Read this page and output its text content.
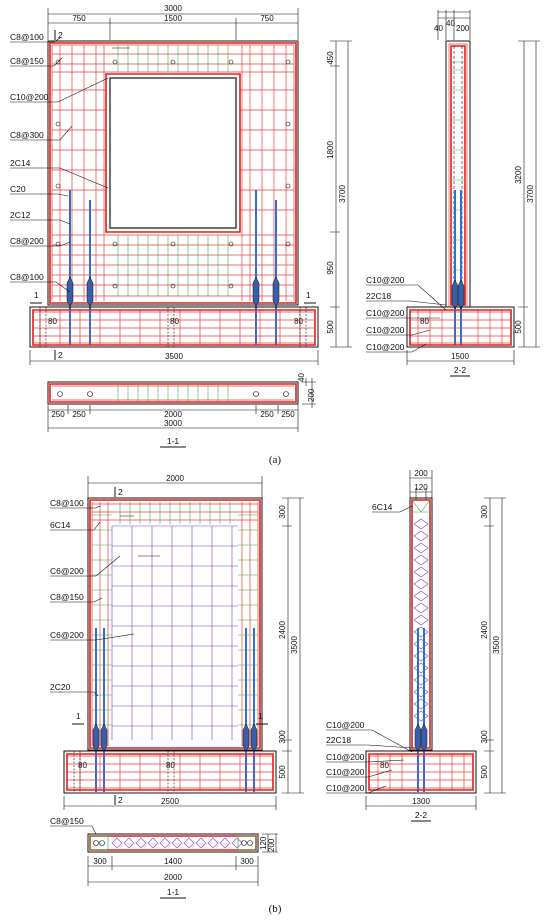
3000
750	1500	750
80	80	80
3500
2
2
1	1
450
1800
950
500
3700
C8@100
C8@150
C10@200
C8@300
2C14
C20
2C12
C8@200
C8@100
250 250	2000	250 250
3000
40
200
1-1
40
40
200
80
1500
2-2
3200
500
3700
C10@200
22C18
C10@200
C10@200
C10@200
(a)
2000
80	80
2500
2
2
1	1
300
2400
300
500
3500
C8@100
6C14
C6@200
C8@150
C6@200
2C20
C8@150
300	1400	300
2000
120 200
1-1
200
120
80
1300
2-2
300
2400
300
500
3500
6C14
C10@200
22C18
C10@200
C10@200
C10@200
(b)
